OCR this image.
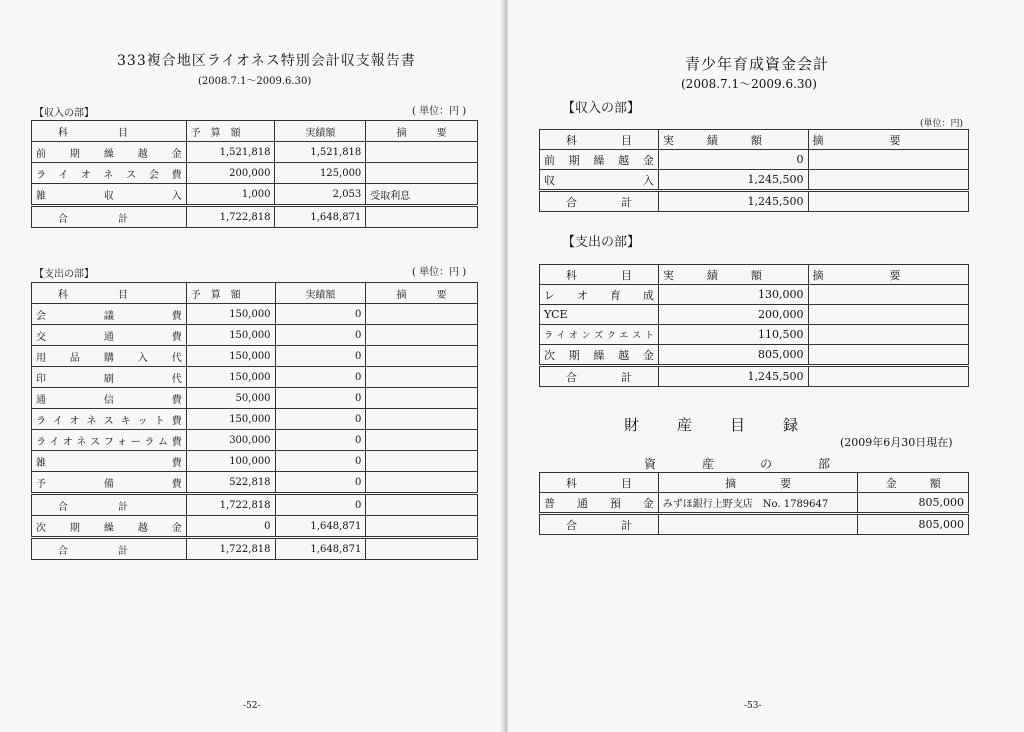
333複合地区ライオネス特別会計収支報告書
(2008.7.1～2009.6.30)
【収入の部】	( 単位：円 )
科　　　　　目	予　算　額	実績額	摘　　　要
前期繰越金	1,521,818	1,521,818	
ライオネス会費	200,000	125,000	
雑収入	1,000	2,053	受取利息
合　　　　　計	1,722,818	1,648,871	
【支出の部】	( 単位：円 )
科　　　　　目	予　算　額	実績額	摘　　　要
会議費	150,000	0	
交通費	150,000	0	
用品購入代	150,000	0	
印刷代	150,000	0	
通信費	50,000	0	
ライオネスキット費	150,000	0	
ライオネスフォーラム費	300,000	0	
雑費	100,000	0	
予備費	522,818	0	
合　　　　　計	1,722,818	0	
次期繰越金	0	1,648,871	
合　　　　　計	1,722,818	1,648,871	
-52-
青少年育成資金会計
(2008.7.1～2009.6.30)
【収入の部】
(単位：円)
科　　　　目	実　　　績　　　額	摘　　　　　　要
前期繰越金	0	
収入	1,245,500	
合　　　　計	1,245,500	
【支出の部】
科　　　　目	実　　　績　　　額	摘　　　　　　要
レオ育成	130,000	
YCE	200,000	
ライオンズクエスト	110,500	
次期繰越金	805,000	
合　　　　計	1,245,500	
財産目録
(2009年6月30日現在)
資産の部
科　　　　目	摘　　　　要	金　　　額
普通預金	みずほ銀行上野支店　No. 1789647	805,000
合　　　　計		805,000
-53-
